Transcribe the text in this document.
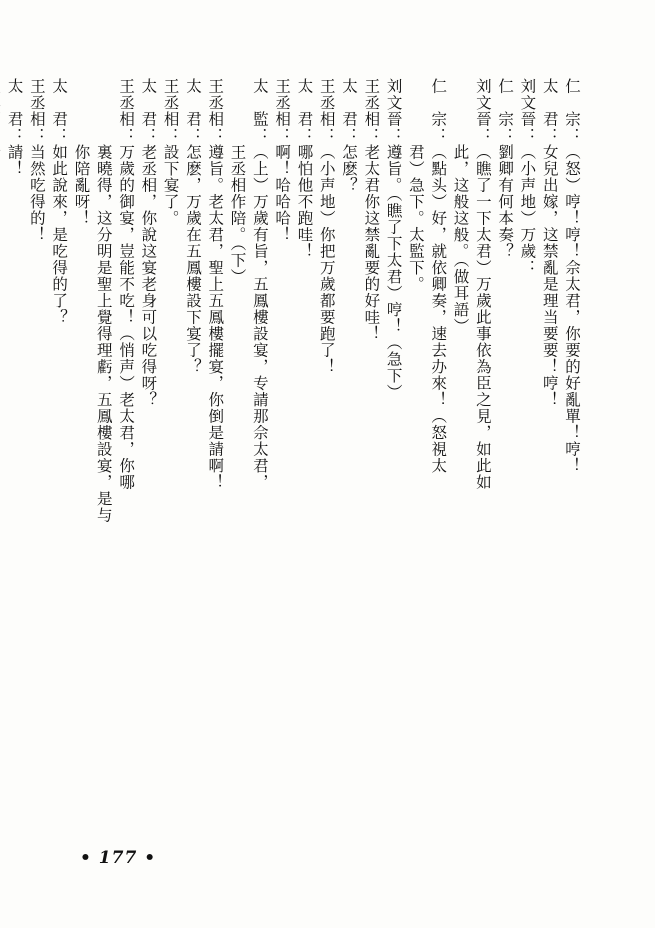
仁　宗：（怒）哼！哼！佘太君，你要的好亂單！哼！
太　君：女兒出嫁，这禁亂是理当要要！哼！
刘文晉：（小声地）万歲：
仁　宗：劉卿有何本奏？
刘文晉：（瞧了一下太君）万歲此事依為臣之見，如此如
　　　　此，这般这般。（做耳語）
仁　宗：（點头）好，就依卿奏，速去办來！（怒視太
　　　　君）急下。太監下。
刘文晉：遵旨。（瞧了下太君）哼！（急下）
王丞相：老太君你这禁亂要的好哇！
太　君：怎麽？
王丞相：（小声地）你把万歲都要跑了！
太　君：哪怕他不跑哇！
王丞相：啊！哈哈哈！
太　監：（上）万歲有旨，五鳳樓設宴，专請那佘太君，
　　　　王丞相作陪。（下）
王丞相：遵旨。老太君，聖上五鳳樓擺宴，你倒是請啊！
太　君：怎麽，万歲在五鳳樓設下宴了？
王丞相：設下宴了。
太　君：老丞相，你說这宴老身可以吃得呀？
王丞相：万歲的御宴，豈能不吃！（悄声）老太君，你哪
　　　　裏曉得，这分明是聖上覺得理虧，五鳳樓設宴，是与
　　　　你陪亂呀！
太　君：如此說來，是吃得的了？
王丞相：当然吃得的！
太　君：請！
• 177 •
